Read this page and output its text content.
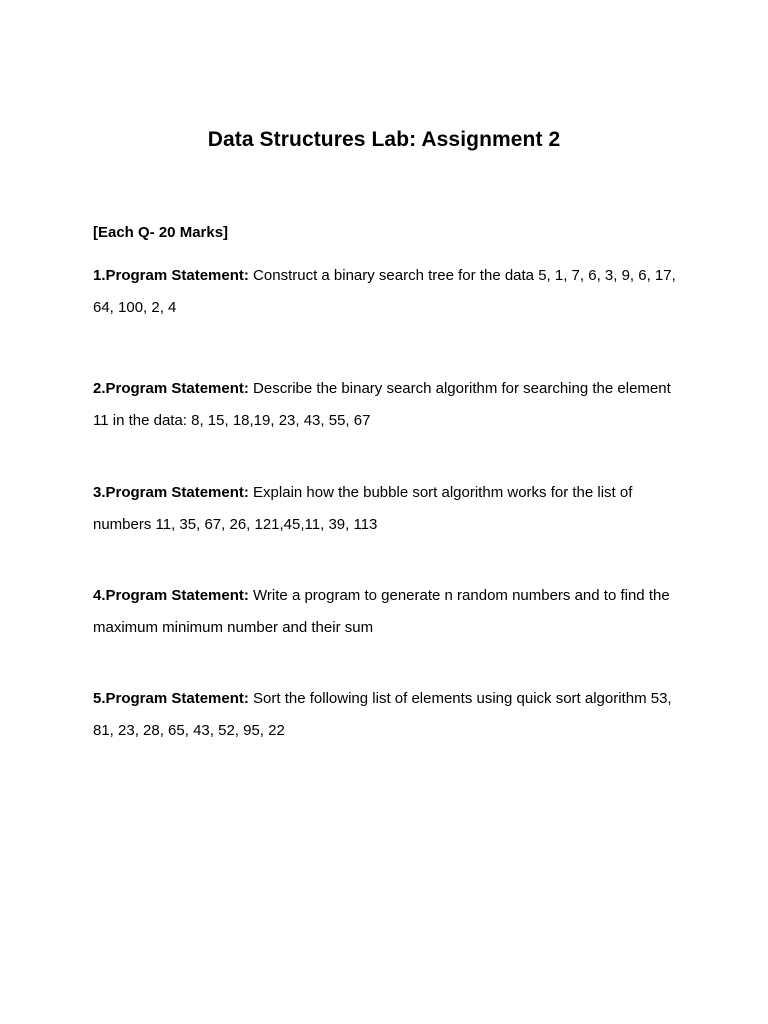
Data Structures Lab: Assignment 2
[Each Q- 20 Marks]
1.Program Statement: Construct a binary search tree for the data 5, 1, 7, 6, 3, 9, 6, 17, 64, 100, 2, 4
2.Program Statement: Describe the binary search algorithm for searching the element 11 in the data: 8, 15, 18,19, 23, 43, 55, 67
3.Program Statement: Explain how the bubble sort algorithm works for the list of numbers 11, 35, 67, 26, 121,45,11, 39, 113
4.Program Statement: Write a program to generate n random numbers and to find the maximum minimum number and their sum
5.Program Statement: Sort the following list of elements using quick sort algorithm 53, 81, 23, 28, 65, 43, 52, 95, 22
